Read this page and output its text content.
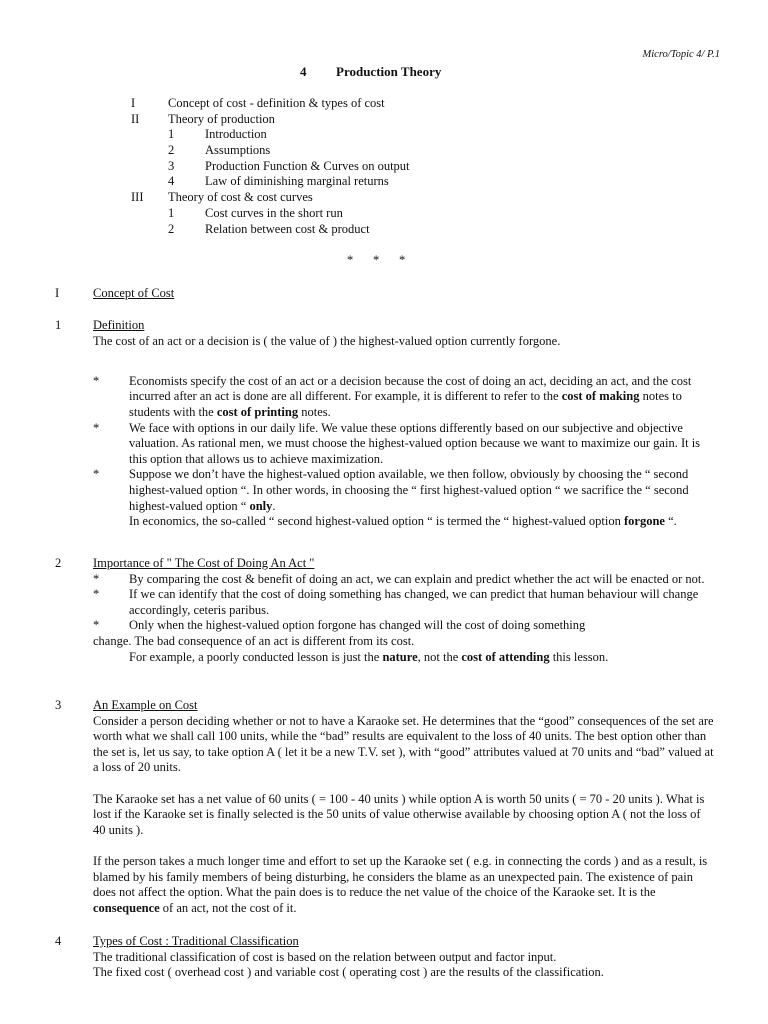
Micro/Topic 4/ P.1
4 Production Theory
I	Concept of cost - definition & types of cost
II Theory of production
1 Introduction
2 Assumptions
3 Production Function & Curves on output
4 Law of diminishing marginal returns
III Theory of cost & cost curves
1 Cost curves in the short run
2 Relation between cost & product
* * *
I	Concept of Cost
1	Definition

The cost of an act or a decision is ( the value of ) the highest-valued option currently forgone.

* Economists specify the cost of an act or a decision because the cost of doing an act, deciding an act, and the cost incurred after an act is done are all different. For example, it is different to refer to the cost of making notes to students with the cost of printing notes.
* We face with options in our daily life. We value these options differently based on our subjective and objective valuation. As rational men, we must choose the highest-valued option because we want to maximize our gain. It is this option that allows us to achieve maximization.
* Suppose we don’t have the highest-valued option available, we then follow, obviously by choosing the “ second highest-valued option “. In other words, in choosing the “ first highest-valued option “ we sacrifice the “ second highest-valued option “ only.
In economics, the so-called “ second highest-valued option “ is termed the “ highest-valued option forgone “.
2	Importance of " The Cost of Doing An Act "

* By comparing the cost & benefit of doing an act, we can explain and predict whether the act will be enacted or not.
* If we can identify that the cost of doing something has changed, we can predict that human behaviour will change accordingly, ceteris paribus.
* Only when the highest-valued option forgone has changed will the cost of doing something

change. The bad consequence of an act is different from its cost.

For example, a poorly conducted lesson is just the nature, not the cost of attending this lesson.
3	An Example on Cost

Consider a person deciding whether or not to have a Karaoke set. He determines that the “good” consequences of the set are worth what we shall call 100 units, while the “bad” results are equivalent to the loss of 40 units. The best option other than the set is, let us say, to take option A ( let it be a new T.V. set ), with “good” attributes valued at 70 units and “bad” valued at a loss of 20 units.

The Karaoke set has a net value of 60 units ( = 100 - 40 units ) while option A is worth 50 units ( = 70 - 20 units ). What is lost if the Karaoke set is finally selected is the 50 units of value otherwise available by choosing option A ( not the loss of 40 units ).

If the person takes a much longer time and effort to set up the Karaoke set ( e.g. in connecting the cords ) and as a result, is blamed by his family members of being disturbing, he considers the blame as an unexpected pain. The existence of pain does not affect the option. What the pain does is to reduce the net value of the choice of the Karaoke set. It is the consequence of an act, not the cost of it.

4	Types of Cost : Traditional Classification

The traditional classification of cost is based on the relation between output and factor input.

The fixed cost ( overhead cost ) and variable cost ( operating cost ) are the results of the classification.
